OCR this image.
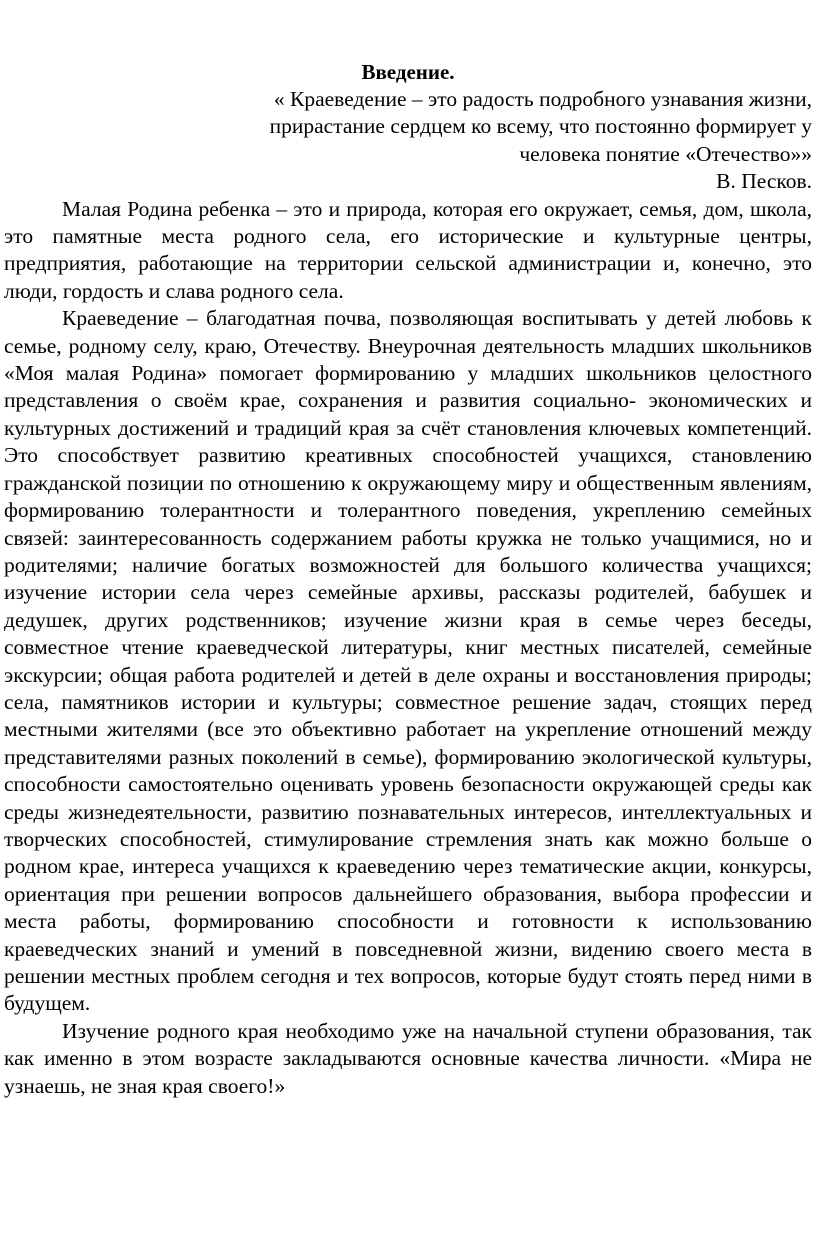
Введение.

« Краеведение – это радость подробного узнавания жизни, прирастание сердцем ко всему, что постоянно формирует у человека понятие «Отечество»»

В. Песков.

Малая Родина ребенка – это и природа, которая его окружает, семья, дом, школа, это памятные места родного села, его исторические и культурные центры, предприятия, работающие на территории сельской администрации и, конечно, это люди, гордость и слава родного села.

Краеведение – благодатная почва, позволяющая воспитывать у детей любовь к семье, родному селу, краю, Отечеству. Внеурочная деятельность младших школьников «Моя малая Родина» помогает формированию у младших школьников целостного представления о своём крае, сохранения и развития социально- экономических и культурных достижений и традиций края за счёт становления ключевых компетенций. Это способствует развитию креативных способностей учащихся, становлению гражданской позиции по отношению к окружающему миру и общественным явлениям, формированию толерантности и толерантного поведения, укреплению семейных связей: заинтересованность содержанием работы кружка не только учащимися, но и родителями; наличие богатых возможностей для большого количества учащихся; изучение истории села через семейные архивы, рассказы родителей, бабушек и дедушек, других родственников; изучение жизни края в семье через беседы, совместное чтение краеведческой литературы, книг местных писателей, семейные экскурсии; общая работа родителей и детей в деле охраны и восстановления природы; села, памятников истории и культуры; совместное решение задач, стоящих перед местными жителями (все это объективно работает на укрепление отношений между представителями разных поколений в семье), формированию экологической культуры, способности самостоятельно оценивать уровень безопасности окружающей среды как среды жизнедеятельности, развитию познавательных интересов, интеллектуальных и творческих способностей, стимулирование стремления знать как можно больше о родном крае, интереса учащихся к краеведению через тематические акции, конкурсы, ориентация при решении вопросов дальнейшего образования, выбора профессии и места работы, формированию способности и готовности к использованию краеведческих знаний и умений в повседневной жизни, видению своего места в решении местных проблем сегодня и тех вопросов, которые будут стоять перед ними в будущем.

Изучение родного края необходимо уже на начальной ступени образования, так как именно в этом возрасте закладываются основные качества личности. «Мира не узнаешь, не зная края своего!»
